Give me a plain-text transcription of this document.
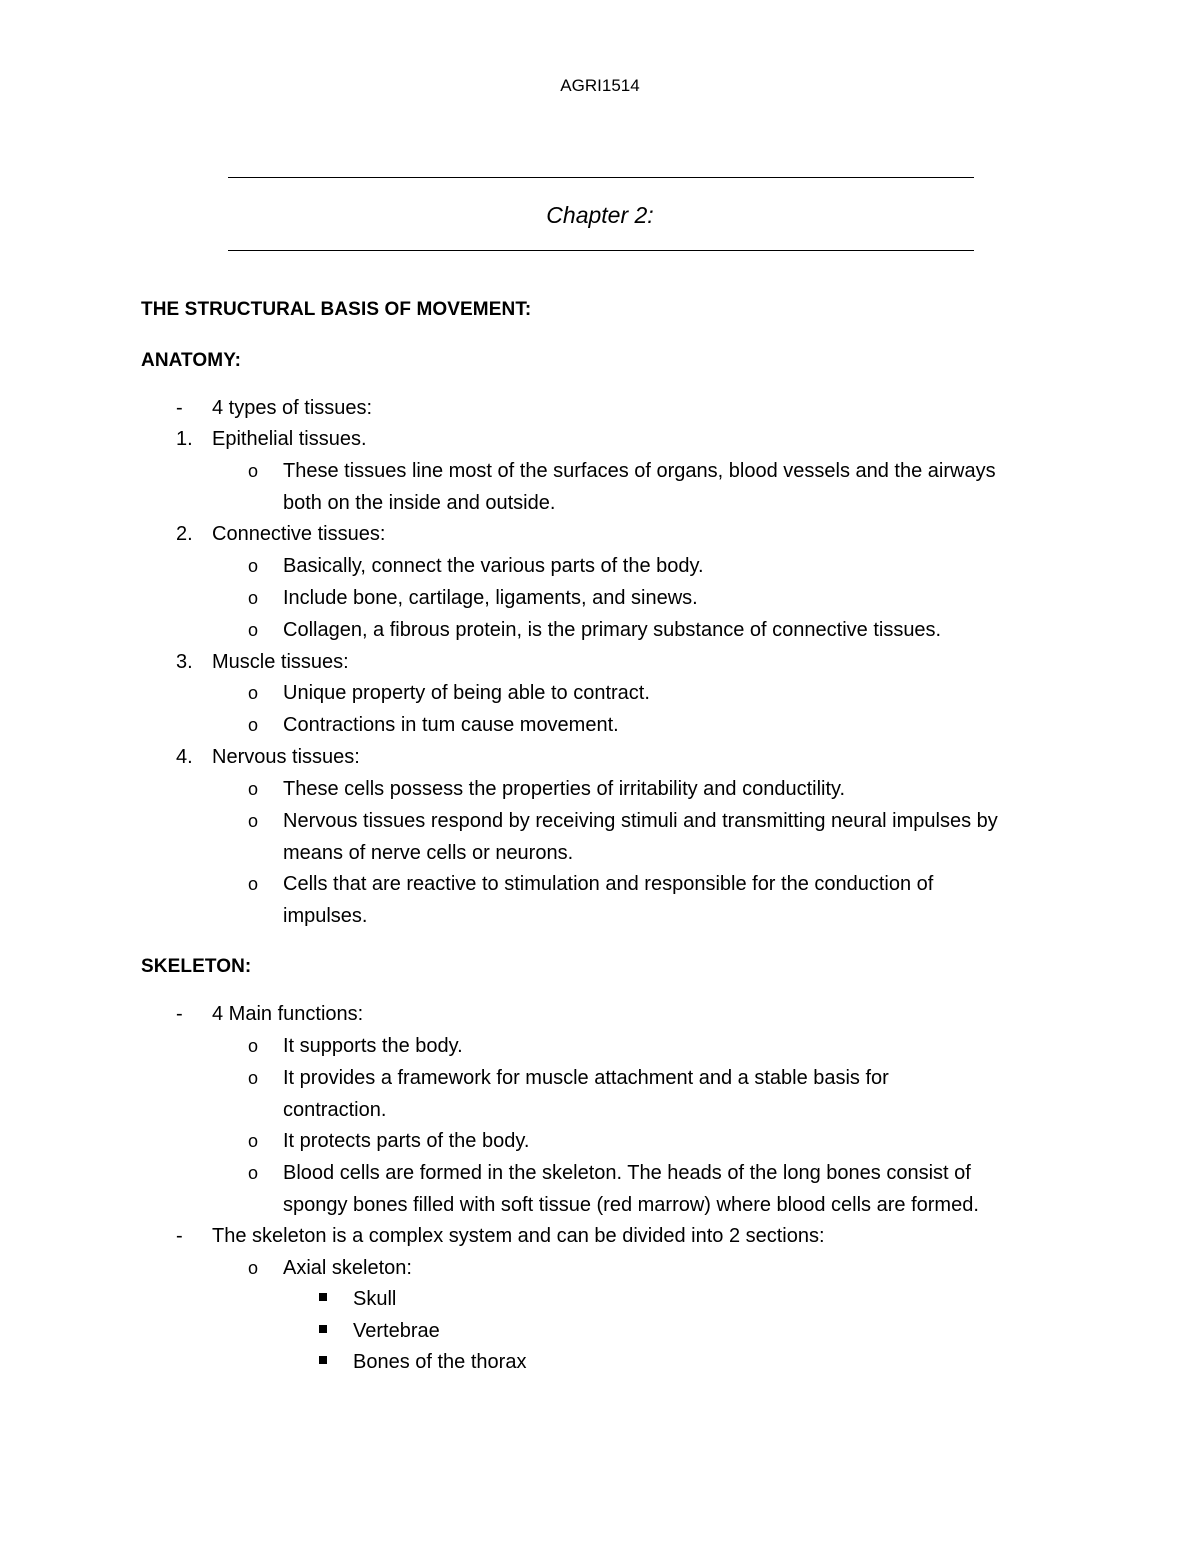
AGRI1514
Chapter 2:
THE STRUCTURAL BASIS OF MOVEMENT:
ANATOMY:
- 4 types of tissues:
1. Epithelial tissues.
o These tissues line most of the surfaces of organs, blood vessels and the airways
both on the inside and outside.
2. Connective tissues:
o Basically, connect the various parts of the body.
o Include bone, cartilage, ligaments, and sinews.
o Collagen, a fibrous protein, is the primary substance of connective tissues.
3. Muscle tissues:
o Unique property of being able to contract.
o Contractions in tum cause movement.
4. Nervous tissues:
o These cells possess the properties of irritability and conductility.
o Nervous tissues respond by receiving stimuli and transmitting neural impulses by
means of nerve cells or neurons.
o Cells that are reactive to stimulation and responsible for the conduction of
impulses.
SKELETON:
- 4 Main functions:
o It supports the body.
o It provides a framework for muscle attachment and a stable basis for
contraction.
o It protects parts of the body.
o Blood cells are formed in the skeleton. The heads of the long bones consist of
spongy bones filled with soft tissue (red marrow) where blood cells are formed.
- The skeleton is a complex system and can be divided into 2 sections:
o Axial skeleton:
Skull
Vertebrae
Bones of the thorax
